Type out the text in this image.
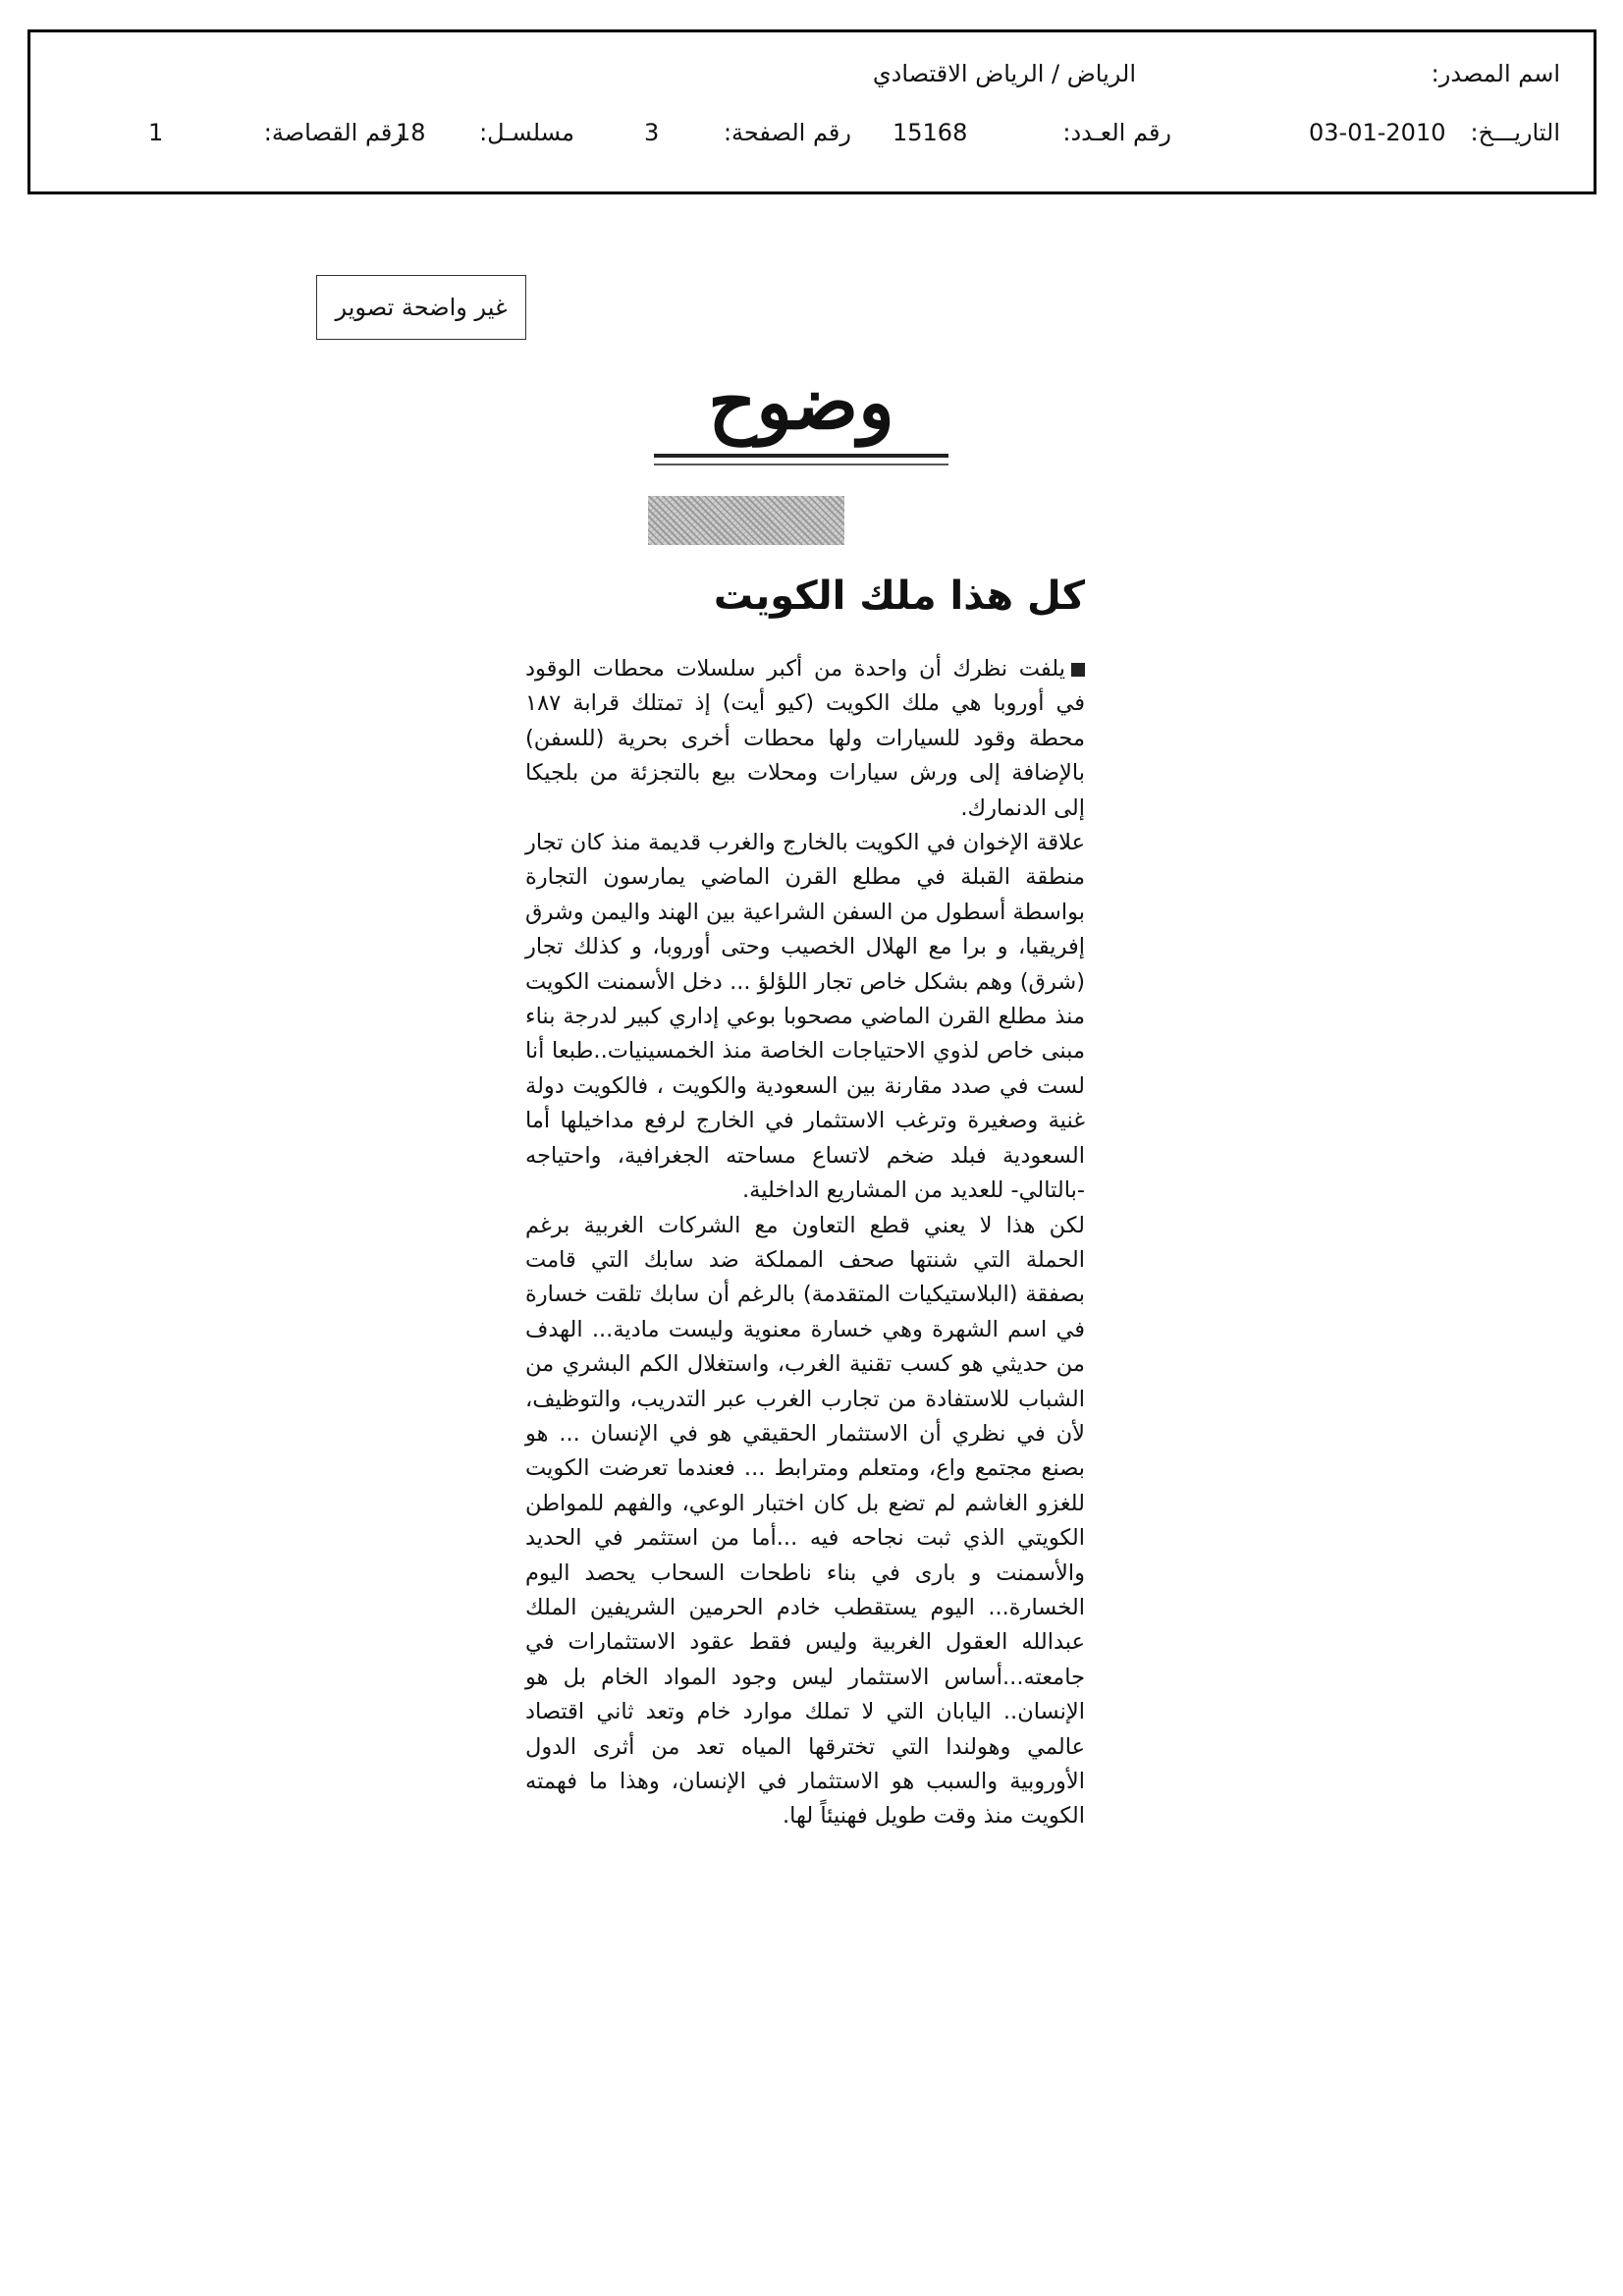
اسم المصدر:
الرياض / الرياض الاقتصادي
التاريـــخ:
03-01-2010
رقم العـدد:
15168
رقم الصفحة:
3
مسلسـل:
18
رقم القصاصة:
1
غير واضحة تصوير
وضوح
كل هذا ملك الكويت

يلفت نظرك أن واحدة من أكبر سلسلات محطات الوقود في أوروبا هي ملك الكويت (كيو أيت) إذ تمتلك قرابة ١٨٧ محطة وقود للسيارات ولها محطات أخرى بحرية (للسفن) بالإضافة إلى ورش سيارات ومحلات بيع بالتجزئة من بلجيكا إلى الدنمارك.

علاقة الإخوان في الكويت بالخارج والغرب قديمة منذ كان تجار منطقة القبلة في مطلع القرن الماضي يمارسون التجارة بواسطة أسطول من السفن الشراعية بين الهند واليمن وشرق إفريقيا، و برا مع الهلال الخصيب وحتى أوروبا، و كذلك تجار (شرق) وهم بشكل خاص تجار اللؤلؤ ... دخل الأسمنت الكويت منذ مطلع القرن الماضي مصحوبا بوعي إداري كبير لدرجة بناء مبنى خاص لذوي الاحتياجات الخاصة منذ الخمسينيات..طبعا أنا لست في صدد مقارنة بين السعودية والكويت ، فالكويت دولة غنية وصغيرة وترغب الاستثمار في الخارج لرفع مداخيلها أما السعودية فبلد ضخم لاتساع مساحته الجغرافية، واحتياجه -بالتالي- للعديد من المشاريع الداخلية.

لكن هذا لا يعني قطع التعاون مع الشركات الغربية برغم الحملة التي شنتها صحف المملكة ضد سابك التي قامت بصفقة (البلاستيكيات المتقدمة) بالرغم أن سابك تلقت خسارة في اسم الشهرة وهي خسارة معنوية وليست مادية... الهدف من حديثي هو كسب تقنية الغرب، واستغلال الكم البشري من الشباب للاستفادة من تجارب الغرب عبر التدريب، والتوظيف، لأن في نظري أن الاستثمار الحقيقي هو في الإنسان ... هو بصنع مجتمع واع، ومتعلم ومترابط ... فعندما تعرضت الكويت للغزو الغاشم لم تضع بل كان اختبار الوعي، والفهم للمواطن الكويتي الذي ثبت نجاحه فيه ...أما من استثمر في الحديد والأسمنت و بارى في بناء ناطحات السحاب يحصد اليوم الخسارة... اليوم يستقطب خادم الحرمين الشريفين الملك عبدالله العقول الغربية وليس فقط عقود الاستثمارات في جامعته...أساس الاستثمار ليس وجود المواد الخام بل هو الإنسان.. اليابان التي لا تملك موارد خام وتعد ثاني اقتصاد عالمي وهولندا التي تخترقها المياه تعد من أثرى الدول الأوروبية والسبب هو الاستثمار في الإنسان، وهذا ما فهمته الكويت منذ وقت طويل فهنيئاً لها.
